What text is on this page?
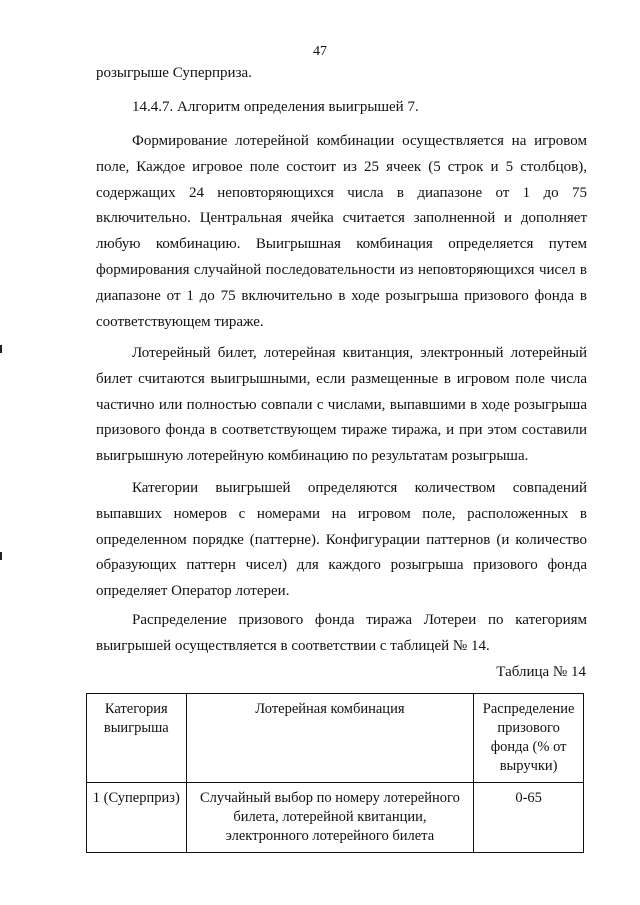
47
розыгрыше Суперприза.
14.4.7. Алгоритм определения выигрышей 7.
Формирование лотерейной комбинации осуществляется на игровом поле, Каждое игровое поле состоит из 25 ячеек (5 строк и 5 столбцов), содержащих 24 неповторяющихся числа в диапазоне от 1 до 75 включительно. Центральная ячейка считается заполненной и дополняет любую комбинацию. Выигрышная комбинация определяется путем формирования случайной последовательности из неповторяющихся чисел в диапазоне от 1 до 75 включительно в ходе розыгрыша призового фонда в соответствующем тираже.
Лотерейный билет, лотерейная квитанция, электронный лотерейный билет считаются выигрышными, если размещенные в игровом поле числа частично или полностью совпали с числами, выпавшими в ходе розыгрыша призового фонда в соответствующем тираже тиража, и при этом составили выигрышную лотерейную комбинацию по результатам розыгрыша.
Категории выигрышей определяются количеством совпадений выпавших номеров с номерами на игровом поле, расположенных в определенном порядке (паттерне). Конфигурации паттернов (и количество образующих паттерн чисел) для каждого розыгрыша призового фонда определяет Оператор лотереи.
Распределение призового фонда тиража Лотереи по категориям выигрышей осуществляется в соответствии с таблицей № 14.
Таблица № 14
Категория выигрыша	Лотерейная комбинация	Распределение призового фонда (% от выручки)
1 (Суперприз)	Случайный выбор по номеру лотерейного билета, лотерейной квитанции, электронного лотерейного билета	0-65
